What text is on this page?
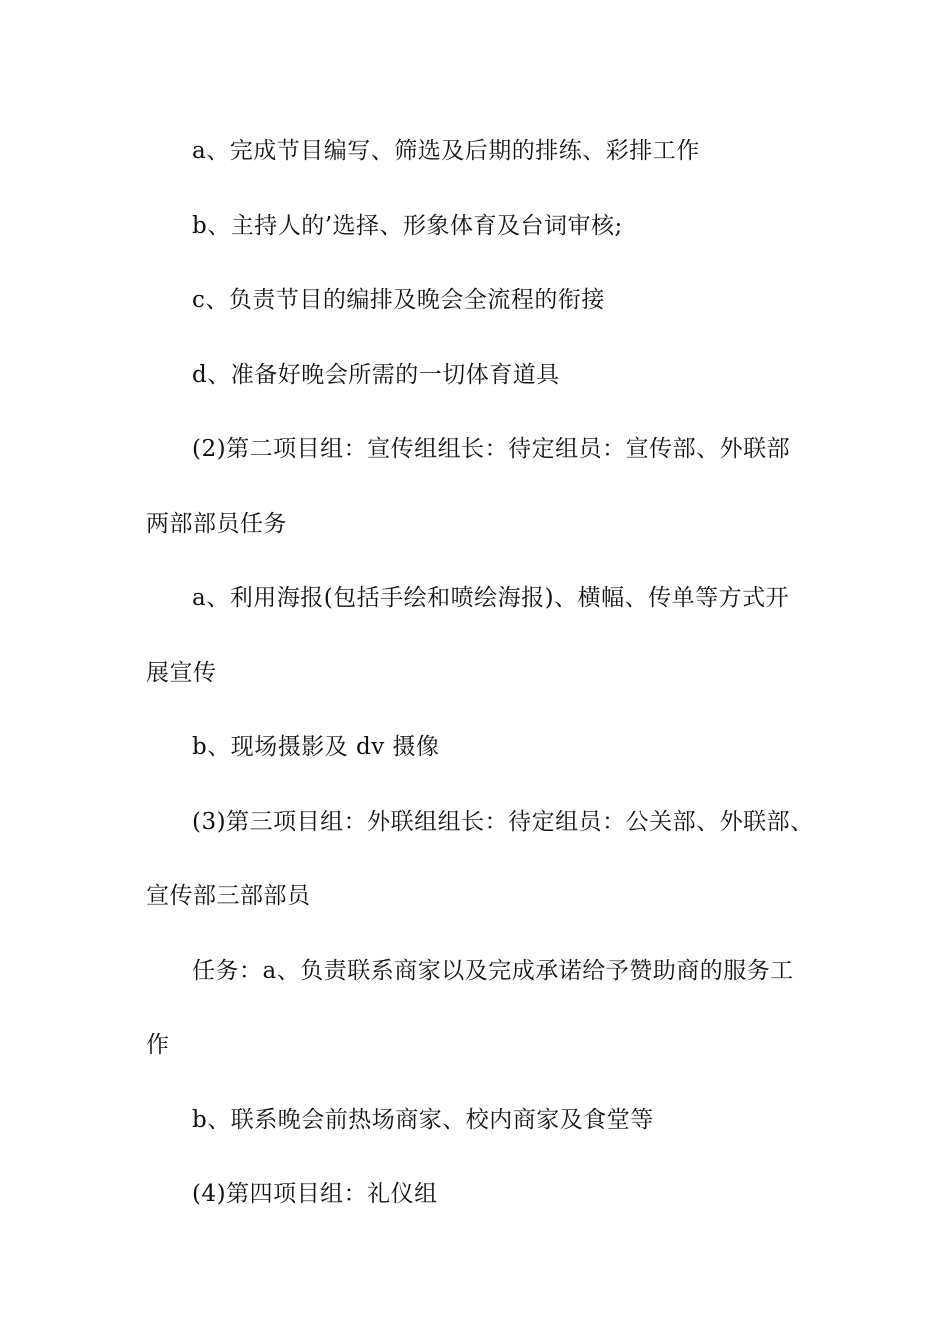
a、完成节目编写、筛选及后期的排练、彩排工作
b、主持人的’选择、形象体育及台词审核;
c、负责节目的编排及晚会全流程的衔接
d、准备好晚会所需的一切体育道具
(2)第二项目组：宣传组组长：待定组员：宣传部、外联部
两部部员任务
a、利用海报(包括手绘和喷绘海报)、横幅、传单等方式开
展宣传
b、现场摄影及 dv 摄像
(3)第三项目组：外联组组长：待定组员：公关部、外联部、
宣传部三部部员
任务：a、负责联系商家以及完成承诺给予赞助商的服务工
作
b、联系晚会前热场商家、校内商家及食堂等
(4)第四项目组：礼仪组
